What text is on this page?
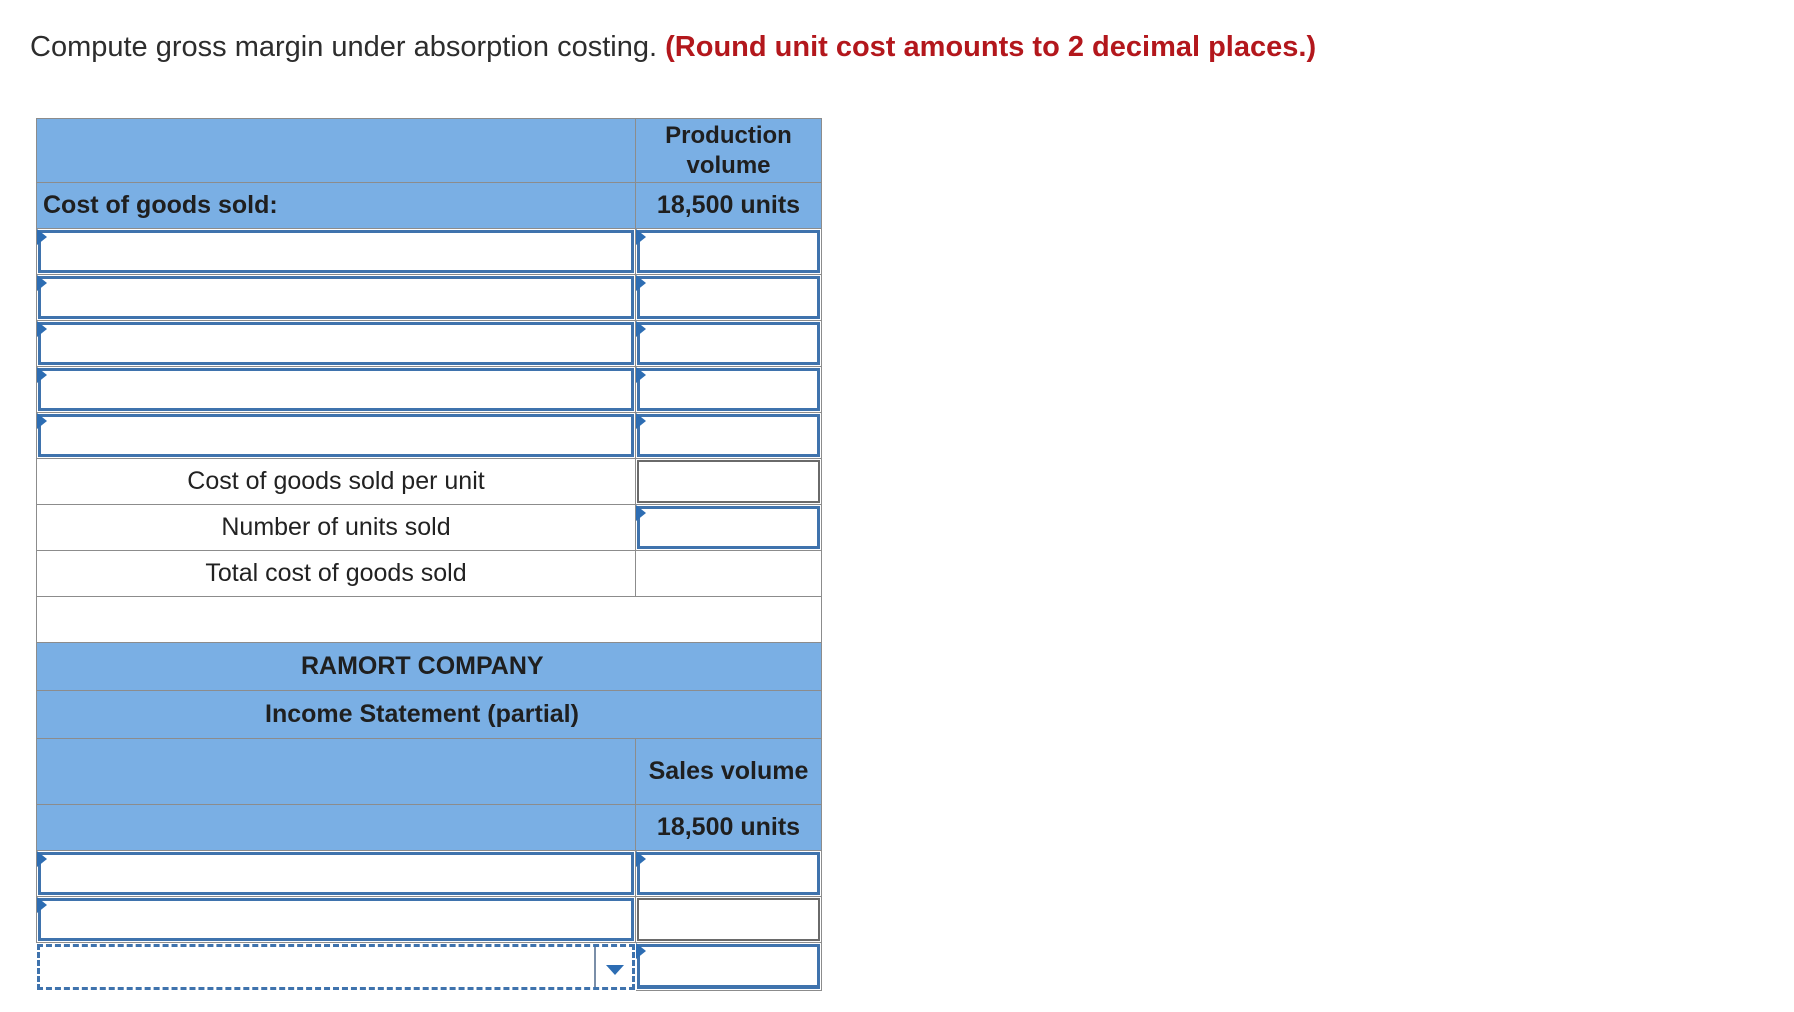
Compute gross margin under absorption costing. (Round unit cost amounts to 2 decimal places.)
Production
volume
Cost of goods sold:	18,500 units
Cost of goods sold per unit
Number of units sold
Total cost of goods sold
RAMORT COMPANY
Income Statement (partial)
Sales volume
18,500 units
